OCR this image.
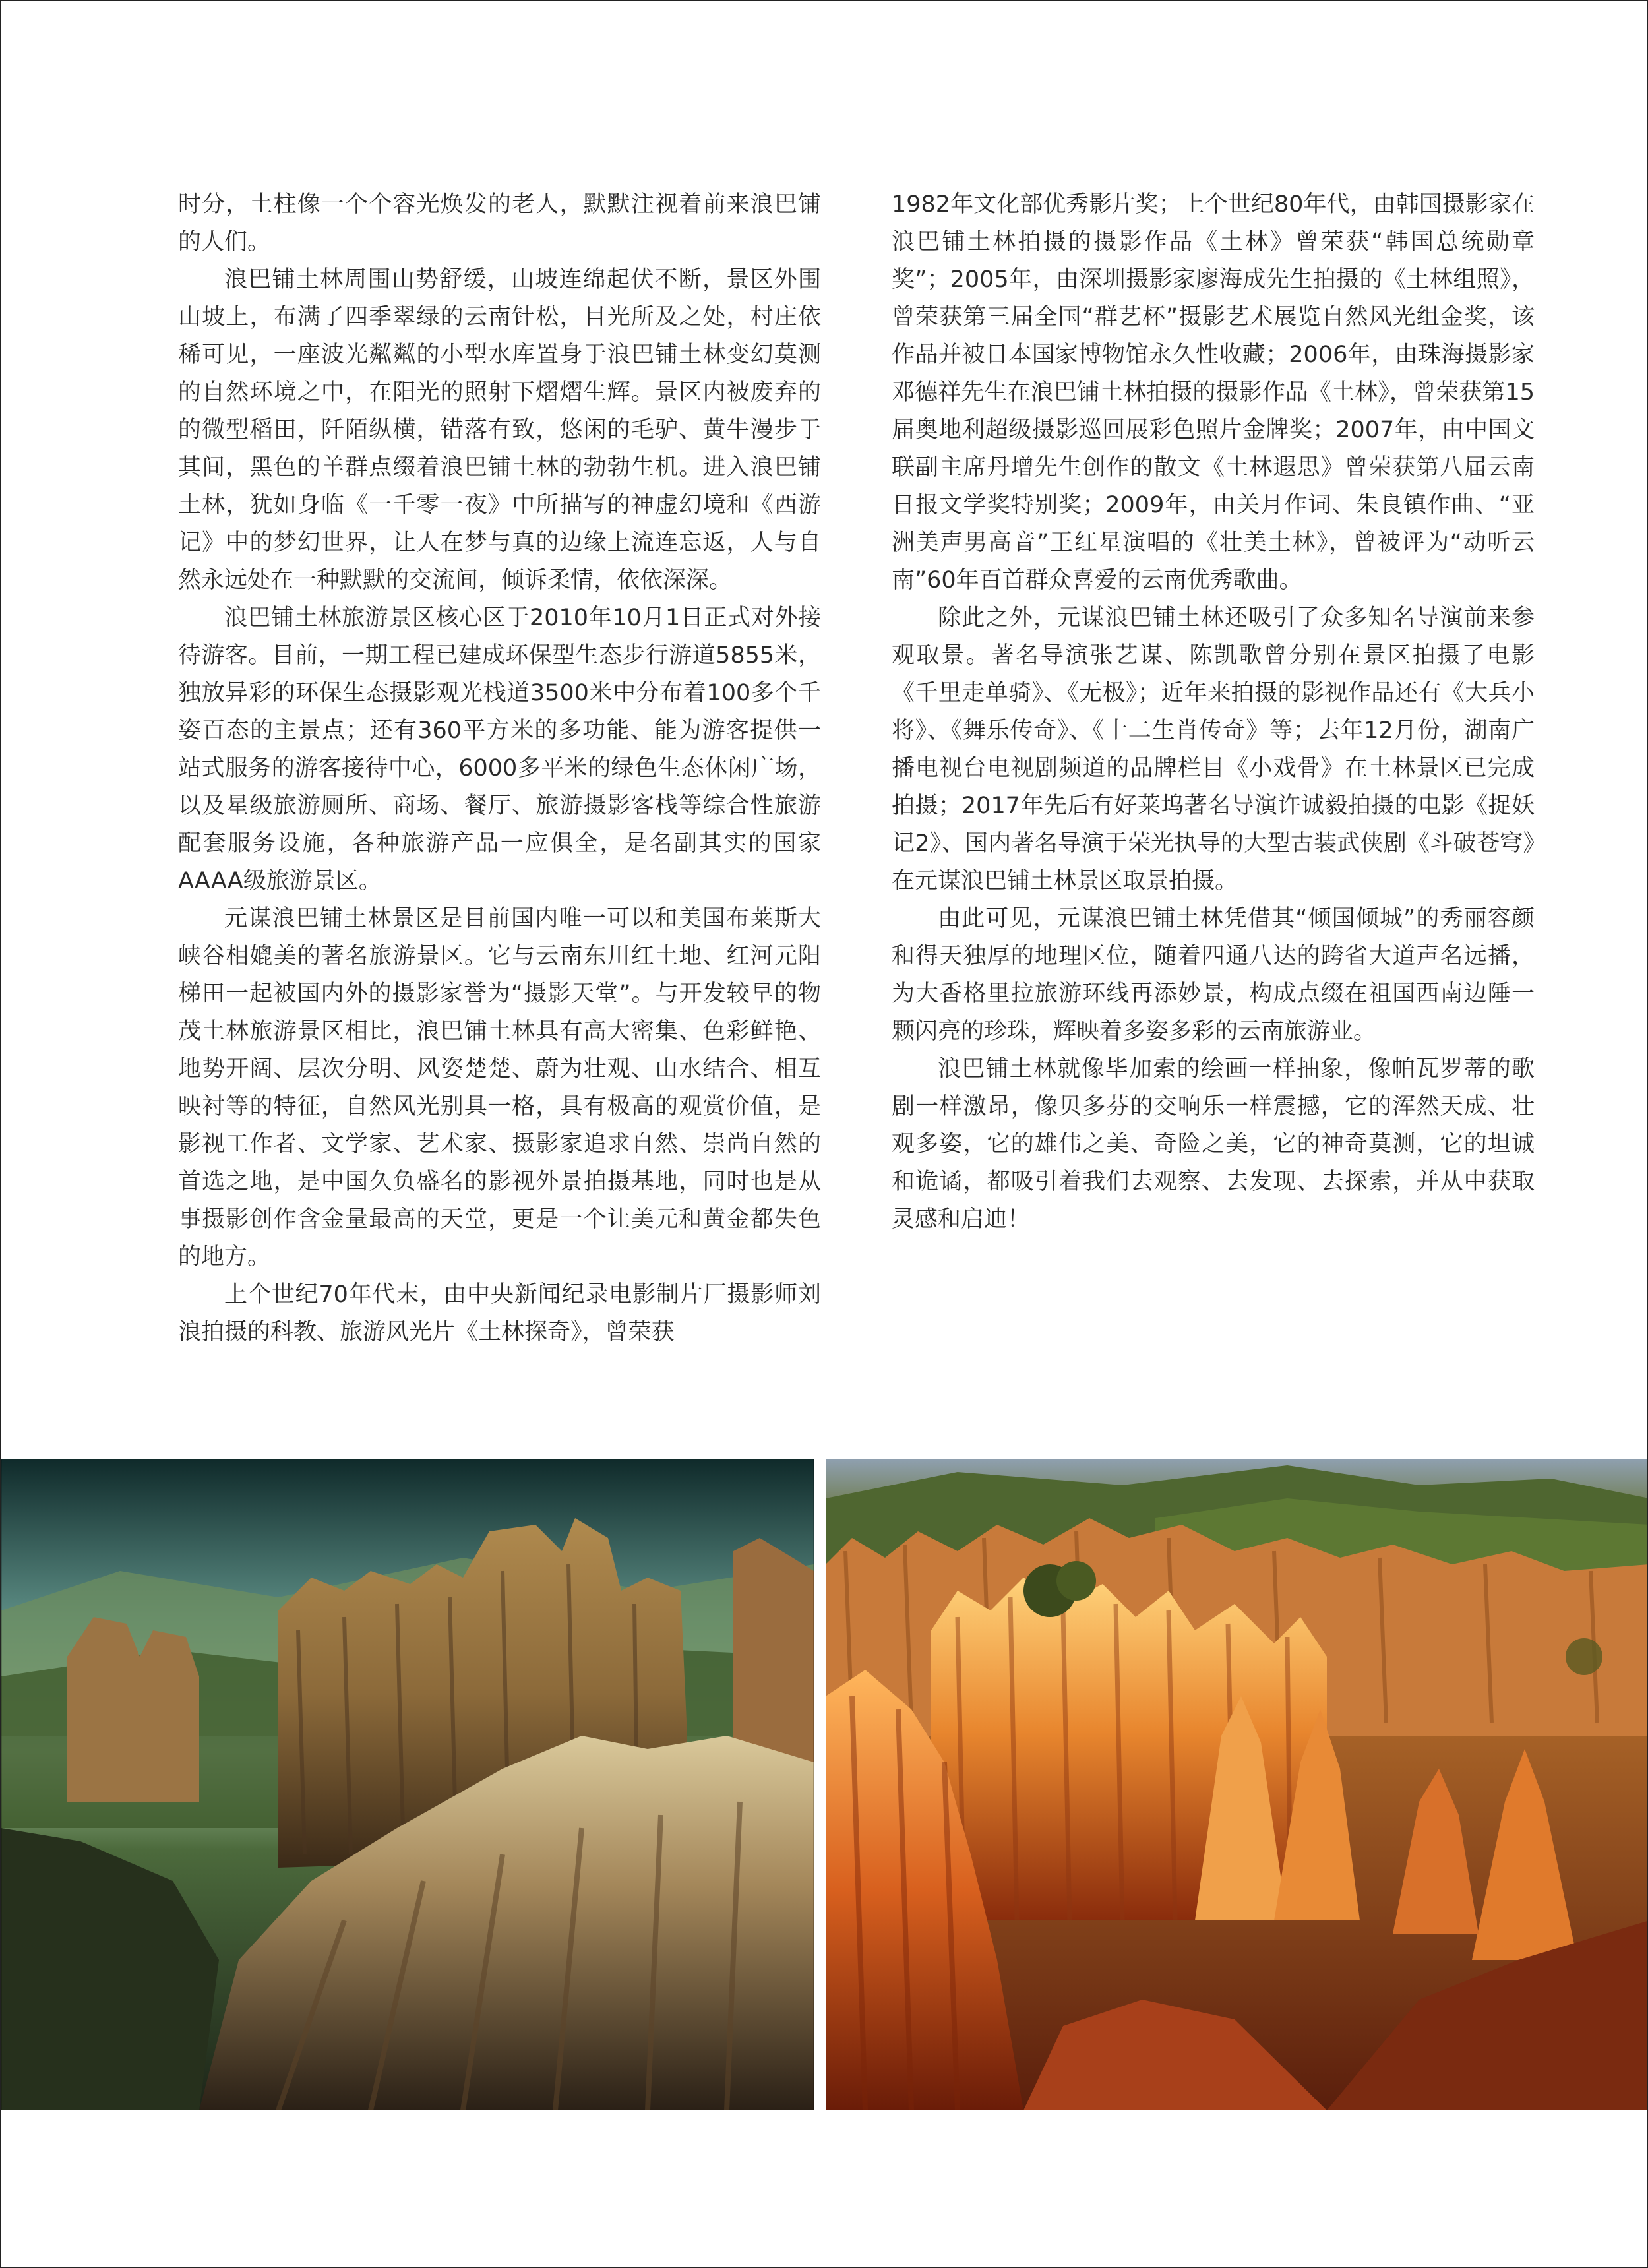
时分，土柱像一个个容光焕发的老人，默默注视着前来浪巴铺的人们。

浪巴铺土林周围山势舒缓，山坡连绵起伏不断，景区外围山坡上，布满了四季翠绿的云南针松，目光所及之处，村庄依稀可见，一座波光粼粼的小型水库置身于浪巴铺土林变幻莫测的自然环境之中，在阳光的照射下熠熠生辉。景区内被废弃的的微型稻田，阡陌纵横，错落有致，悠闲的毛驴、黄牛漫步于其间，黑色的羊群点缀着浪巴铺土林的勃勃生机。进入浪巴铺土林，犹如身临《一千零一夜》中所描写的神虚幻境和《西游记》中的梦幻世界，让人在梦与真的边缘上流连忘返，人与自然永远处在一种默默的交流间，倾诉柔情，依依深深。

浪巴铺土林旅游景区核心区于2010年10月1日正式对外接待游客。目前，一期工程已建成环保型生态步行游道5855米，独放异彩的环保生态摄影观光栈道3500米中分布着100多个千姿百态的主景点；还有360平方米的多功能、能为游客提供一站式服务的游客接待中心，6000多平米的绿色生态休闲广场，以及星级旅游厕所、商场、餐厅、旅游摄影客栈等综合性旅游配套服务设施，各种旅游产品一应俱全，是名副其实的国家AAAA级旅游景区。

元谋浪巴铺土林景区是目前国内唯一可以和美国布莱斯大峡谷相媲美的著名旅游景区。它与云南东川红土地、红河元阳梯田一起被国内外的摄影家誉为“摄影天堂”。与开发较早的物茂土林旅游景区相比，浪巴铺土林具有高大密集、色彩鲜艳、地势开阔、层次分明、风姿楚楚、蔚为壮观、山水结合、相互映衬等的特征，自然风光别具一格，具有极高的观赏价值，是影视工作者、文学家、艺术家、摄影家追求自然、崇尚自然的首选之地，是中国久负盛名的影视外景拍摄基地，同时也是从事摄影创作含金量最高的天堂，更是一个让美元和黄金都失色的地方。

上个世纪70年代末，由中央新闻纪录电影制片厂摄影师刘浪拍摄的科教、旅游风光片《土林探奇》，曾荣获

1982年文化部优秀影片奖；上个世纪80年代，由韩国摄影家在浪巴铺土林拍摄的摄影作品《土林》曾荣获“韩国总统勋章奖”；2005年，由深圳摄影家廖海成先生拍摄的《土林组照》，曾荣获第三届全国“群艺杯”摄影艺术展览自然风光组金奖，该作品并被日本国家博物馆永久性收藏；2006年，由珠海摄影家邓德祥先生在浪巴铺土林拍摄的摄影作品《土林》，曾荣获第15届奥地利超级摄影巡回展彩色照片金牌奖；2007年，由中国文联副主席丹增先生创作的散文《土林遐思》曾荣获第八届云南日报文学奖特别奖；2009年，由关月作词、朱良镇作曲、“亚洲美声男高音”王红星演唱的《壮美土林》，曾被评为“动听云南”60年百首群众喜爱的云南优秀歌曲。

除此之外，元谋浪巴铺土林还吸引了众多知名导演前来参观取景。著名导演张艺谋、陈凯歌曾分别在景区拍摄了电影《千里走单骑》、《无极》；近年来拍摄的影视作品还有《大兵小将》、《舞乐传奇》、《十二生肖传奇》等；去年12月份，湖南广播电视台电视剧频道的品牌栏目《小戏骨》在土林景区已完成拍摄；2017年先后有好莱坞著名导演许诚毅拍摄的电影《捉妖记2》、国内著名导演于荣光执导的大型古装武侠剧《斗破苍穹》在元谋浪巴铺土林景区取景拍摄。

由此可见，元谋浪巴铺土林凭借其“倾国倾城”的秀丽容颜和得天独厚的地理区位，随着四通八达的跨省大道声名远播，为大香格里拉旅游环线再添妙景，构成点缀在祖国西南边陲一颗闪亮的珍珠，辉映着多姿多彩的云南旅游业。

浪巴铺土林就像毕加索的绘画一样抽象，像帕瓦罗蒂的歌剧一样激昂，像贝多芬的交响乐一样震撼，它的浑然天成、壮观多姿，它的雄伟之美、奇险之美，它的神奇莫测，它的坦诚和诡谲，都吸引着我们去观察、去发现、去探索，并从中获取灵感和启迪！
